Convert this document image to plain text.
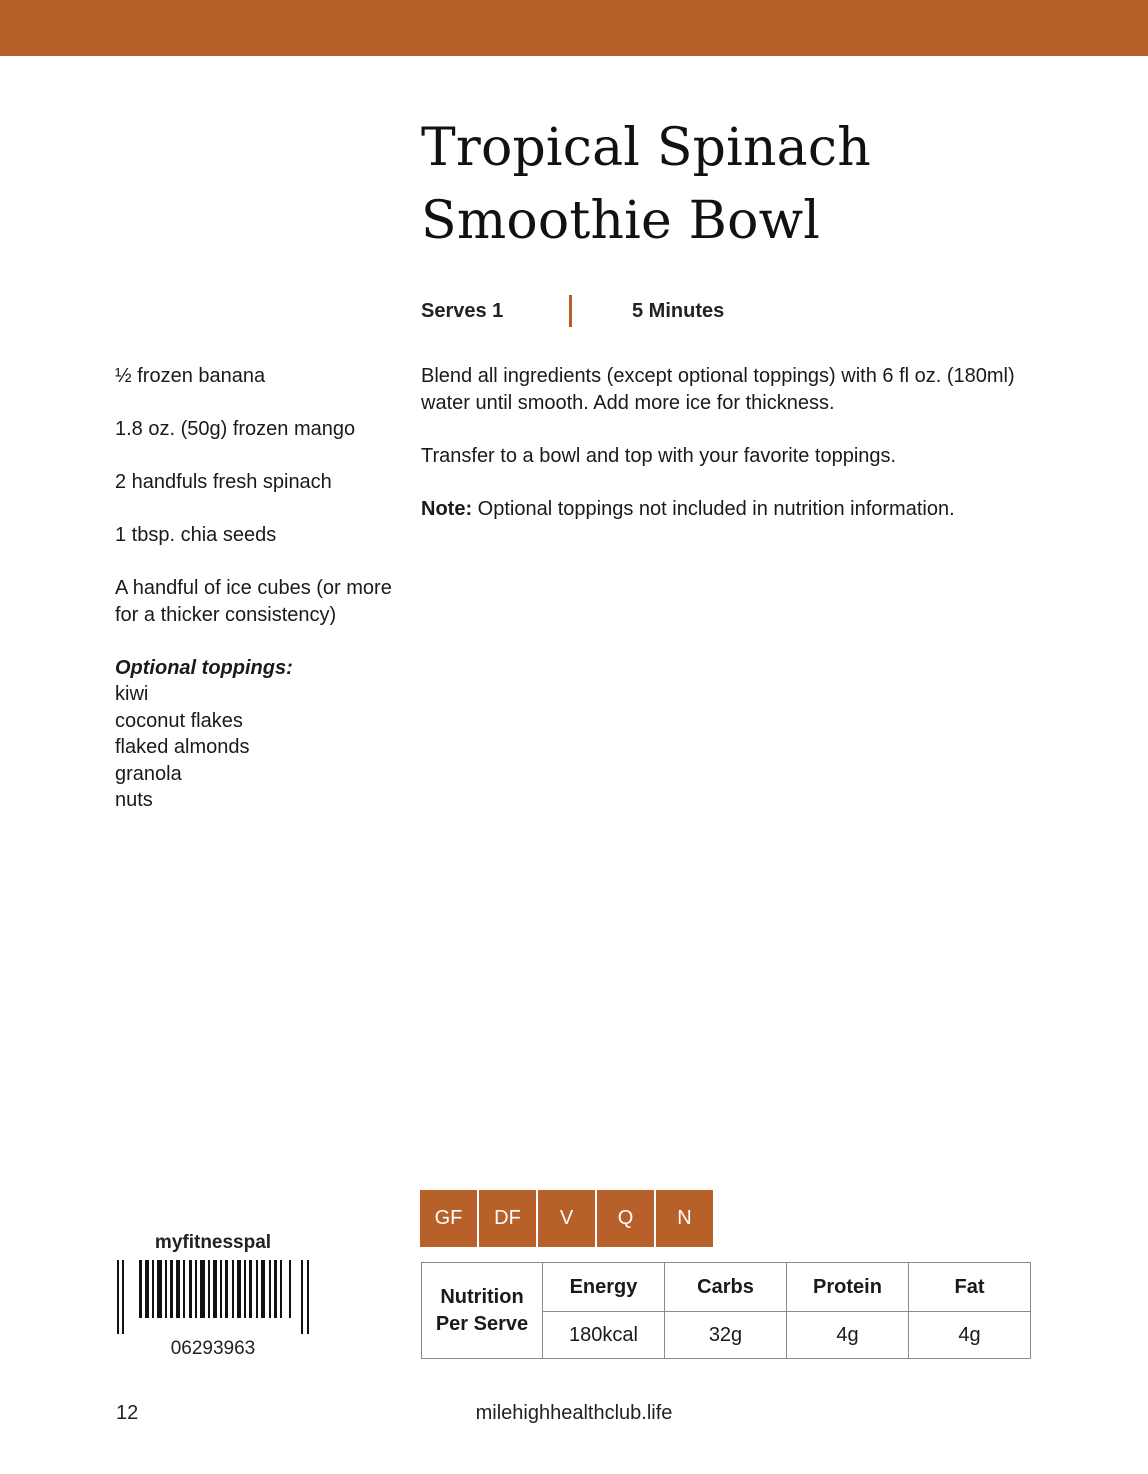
Tropical Spinach
Smoothie Bowl
Serves 1	5 Minutes

½ frozen banana

1.8 oz. (50g) frozen mango

2 handfuls fresh spinach

1 tbsp. chia seeds

A handful of ice cubes (or more for a thicker consistency)

Optional toppings:

kiwi

coconut flakes

flaked almonds

granola

nuts

Blend all ingredients (except optional toppings) with 6 fl oz. (180ml) water until smooth. Add more ice for thickness.

Transfer to a bowl and top with your favorite toppings.

Note: Optional toppings not included in nutrition information.

GF	DF	V	Q	N
Nutrition
Per Serve	Energy	Carbs	Protein	Fat
	180kcal	32g	4g	4g
myfitnesspal
06293963
12	milehighhealthclub.life
